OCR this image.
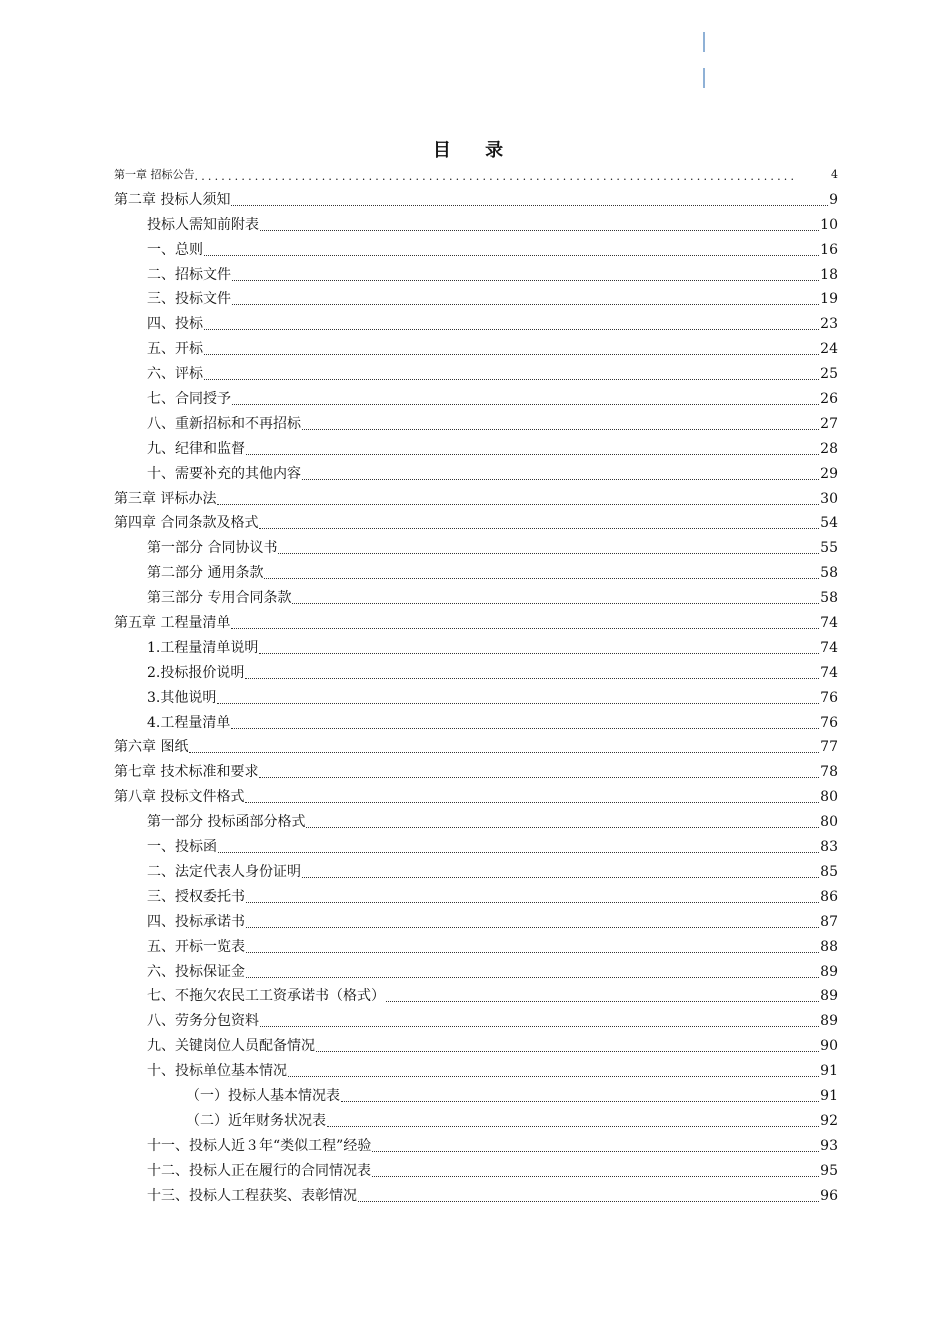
目 录
第一章 招标公告 ..........................................................................................	4
第二章 投标人须知	9
投标人需知前附表	10
一、总则	16
二、招标文件	18
三、投标文件	19
四、投标	23
五、开标	24
六、评标	25
七、合同授予	26
八、重新招标和不再招标	27
九、纪律和监督	28
十、需要补充的其他内容	29
第三章 评标办法	30
第四章 合同条款及格式	54
第一部分 合同协议书	55
第二部分 通用条款	58
第三部分 专用合同条款	58
第五章 工程量清单	74
1.工程量清单说明	74
2.投标报价说明	74
3.其他说明	76
4.工程量清单	76
第六章 图纸	77
第七章 技术标准和要求	78
第八章 投标文件格式	80
第一部分 投标函部分格式	80
一、投标函	83
二、法定代表人身份证明	85
三、授权委托书	86
四、投标承诺书	87
五、开标一览表	88
六、投标保证金	89
七、不拖欠农民工工资承诺书（格式）	89
八、劳务分包资料	89
九、关键岗位人员配备情况	90
十、投标单位基本情况	91
（一）投标人基本情况表	91
（二）近年财务状况表	92
十一、投标人近３年“类似工程”经验	93
十二、投标人正在履行的合同情况表	95
十三、投标人工程获奖、表彰情况	96
